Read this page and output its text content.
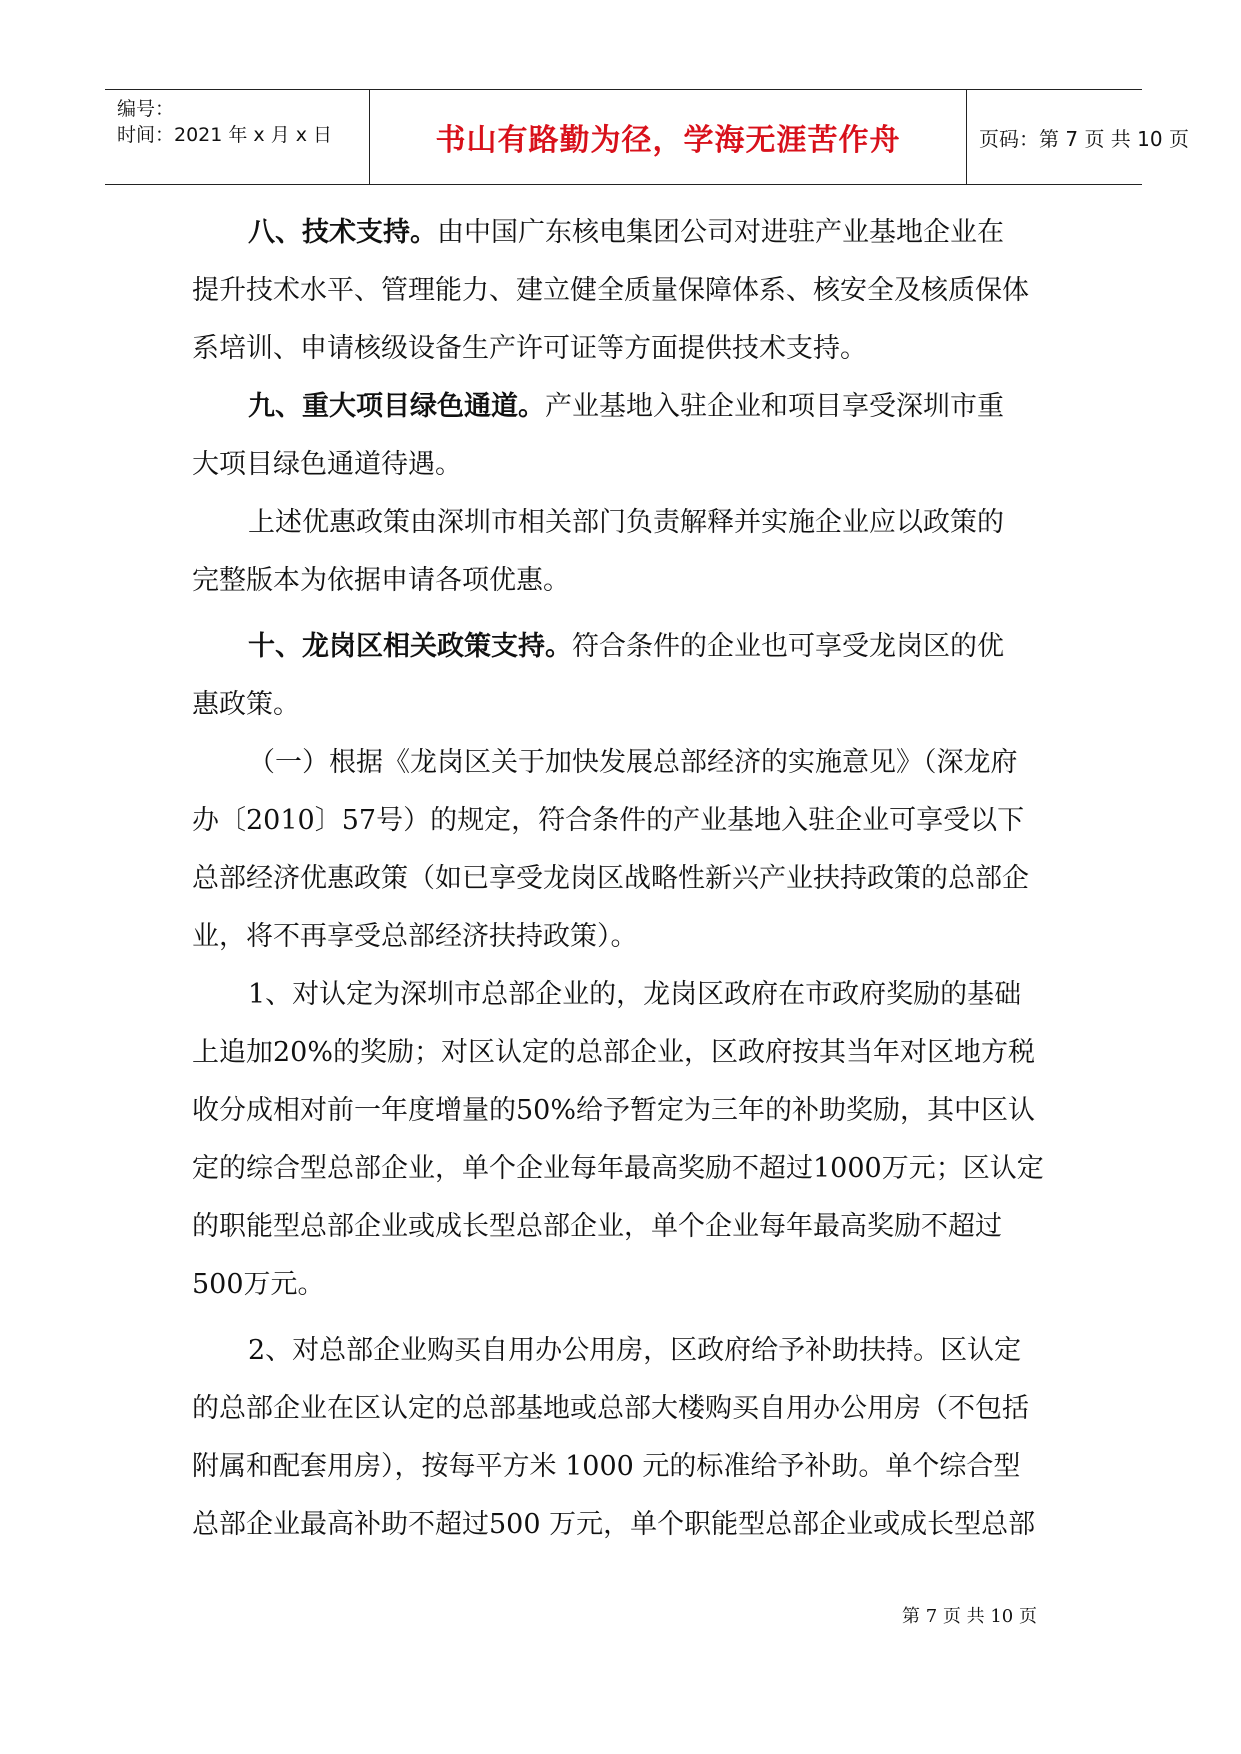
编号：
时间：2021 年 x 月 x 日	书山有路勤为径，学海无涯苦作舟	页码：第 7 页 共 10 页
八、技术支持。由中国广东核电集团公司对进驻产业基地企业在
提升技术水平、管理能力、建立健全质量保障体系、核安全及核质保体
系培训、申请核级设备生产许可证等方面提供技术支持。
九、重大项目绿色通道。产业基地入驻企业和项目享受深圳市重
大项目绿色通道待遇。
上述优惠政策由深圳市相关部门负责解释并实施企业应以政策的
完整版本为依据申请各项优惠。
十、龙岗区相关政策支持。符合条件的企业也可享受龙岗区的优
惠政策。
（一）根据《龙岗区关于加快发展总部经济的实施意见》（深龙府
办〔2010〕57号）的规定，符合条件的产业基地入驻企业可享受以下
总部经济优惠政策（如已享受龙岗区战略性新兴产业扶持政策的总部企
业，将不再享受总部经济扶持政策）。
1、对认定为深圳市总部企业的，龙岗区政府在市政府奖励的基础
上追加20%的奖励；对区认定的总部企业，区政府按其当年对区地方税
收分成相对前一年度增量的50%给予暂定为三年的补助奖励，其中区认
定的综合型总部企业，单个企业每年最高奖励不超过1000万元；区认定
的职能型总部企业或成长型总部企业，单个企业每年最高奖励不超过
500万元。
2、对总部企业购买自用办公用房，区政府给予补助扶持。区认定
的总部企业在区认定的总部基地或总部大楼购买自用办公用房（不包括
附属和配套用房），按每平方米 1000 元的标准给予补助。单个综合型
总部企业最高补助不超过500 万元，单个职能型总部企业或成长型总部
第 7 页 共 10 页
